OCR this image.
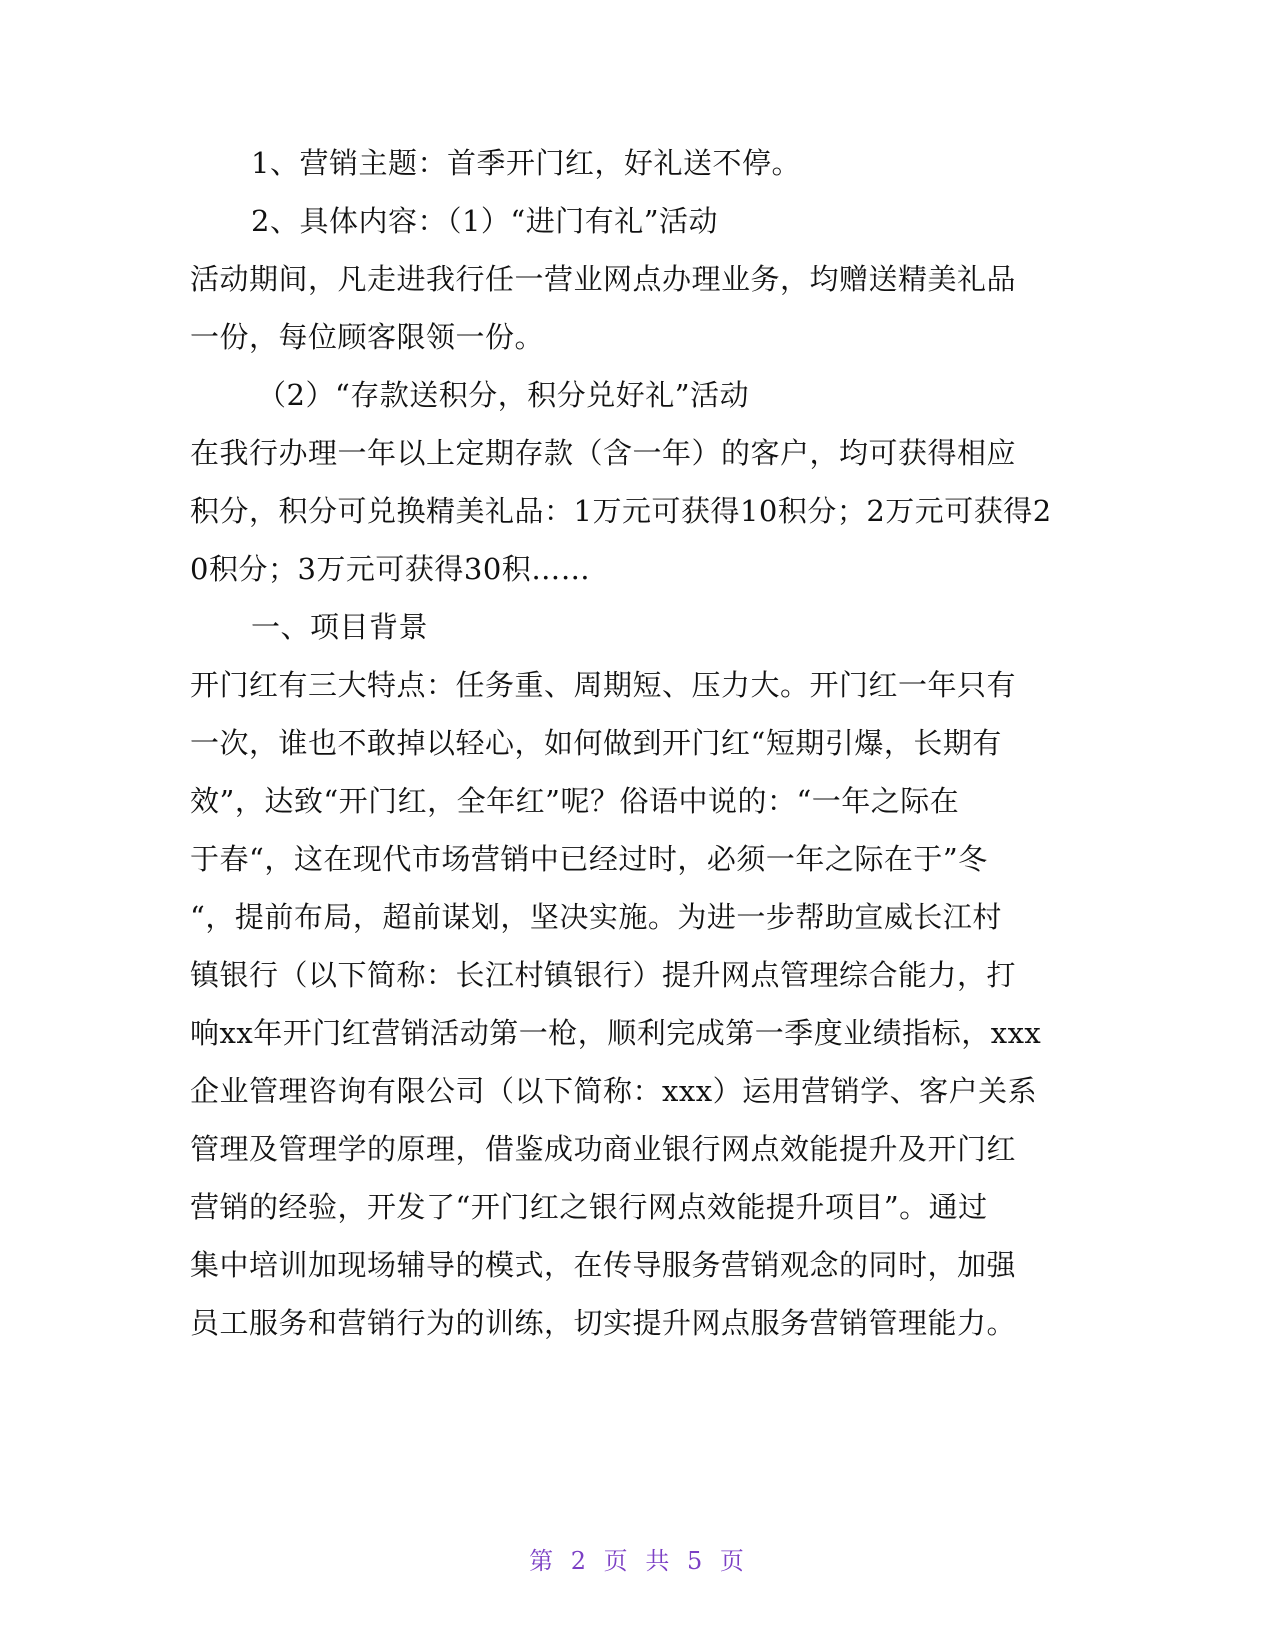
1、营销主题：首季开门红，好礼送不停。
2、具体内容：（1）“进门有礼”活动
活动期间，凡走进我行任一营业网点办理业务，均赠送精美礼品
一份，每位顾客限领一份。
（2）“存款送积分，积分兑好礼”活动
在我行办理一年以上定期存款（含一年）的客户，均可获得相应
积分，积分可兑换精美礼品：1万元可获得10积分；2万元可获得2
0积分；3万元可获得30积……
一、项目背景
开门红有三大特点：任务重、周期短、压力大。开门红一年只有
一次，谁也不敢掉以轻心，如何做到开门红“短期引爆，长期有
效”，达致“开门红，全年红”呢？俗语中说的：“一年之际在
于春“，这在现代市场营销中已经过时，必须一年之际在于”冬
“，提前布局，超前谋划，坚决实施。为进一步帮助宣威长江村
镇银行（以下简称：长江村镇银行）提升网点管理综合能力，打
响xx年开门红营销活动第一枪，顺利完成第一季度业绩指标，xxx
企业管理咨询有限公司（以下简称：xxx）运用营销学、客户关系
管理及管理学的原理，借鉴成功商业银行网点效能提升及开门红
营销的经验，开发了“开门红之银行网点效能提升项目”。通过
集中培训加现场辅导的模式，在传导服务营销观念的同时，加强
员工服务和营销行为的训练，切实提升网点服务营销管理能力。
第 2 页 共 5 页
